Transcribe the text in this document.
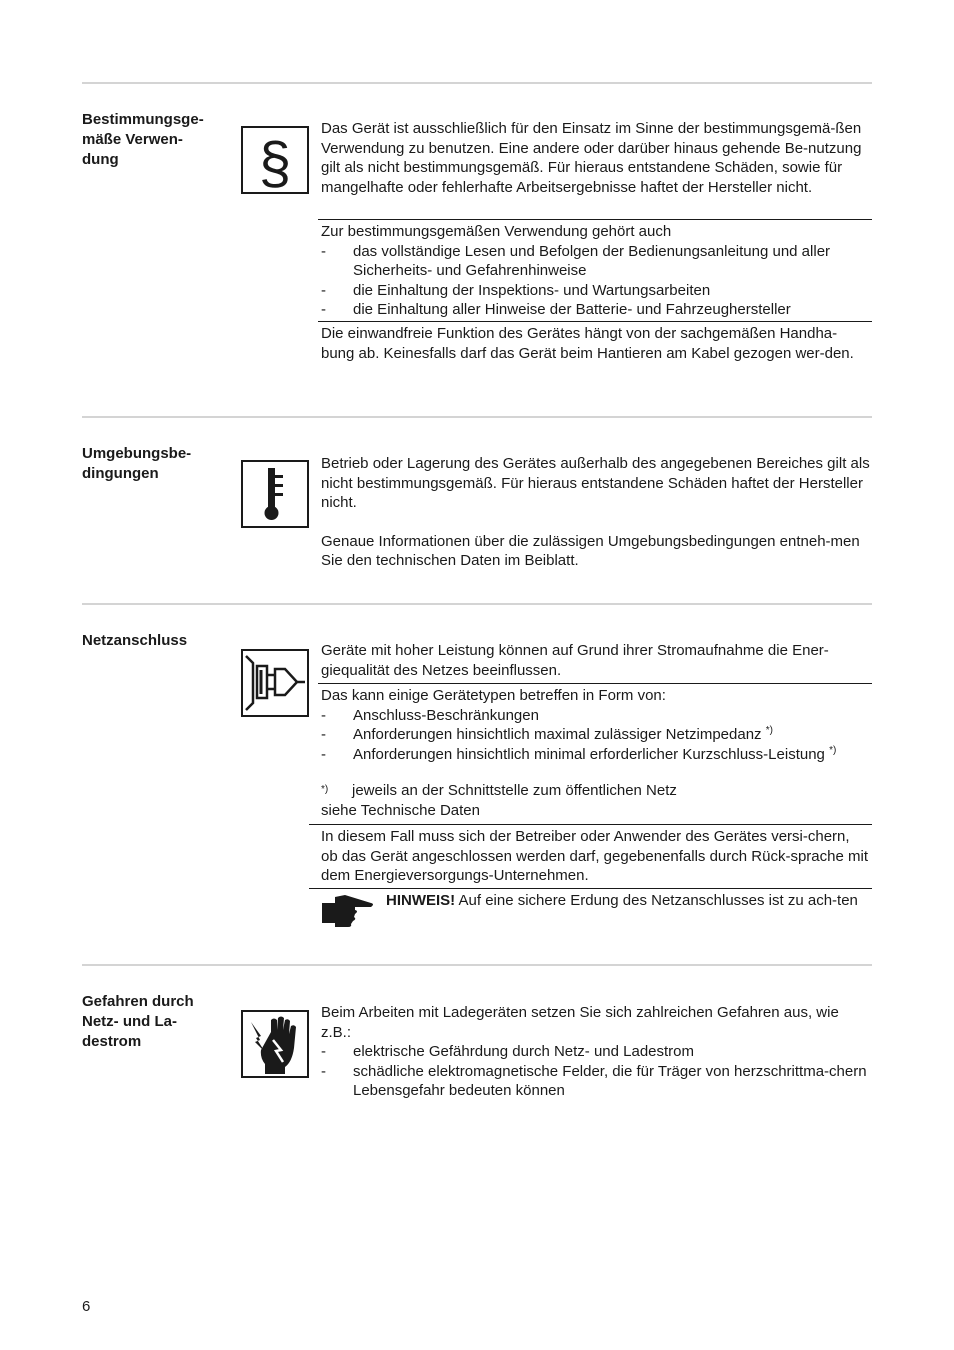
Bestimmungsge-
mäße Verwen-
dung	§

Das Gerät ist ausschließlich für den Einsatz im Sinne der bestimmungsgemä-ßen Verwendung zu benutzen. Eine andere oder darüber hinaus gehende Be-nutzung gilt als nicht bestimmungsgemäß. Für hieraus entstandene Schäden, sowie für mangelhafte oder fehlerhafte Arbeitsergebnisse haftet der Hersteller nicht.

Zur bestimmungsgemäßen Verwendung gehört auch

- das vollständige Lesen und Befolgen der Bedienungsanleitung und aller Sicherheits- und Gefahrenhinweise
- die Einhaltung der Inspektions- und Wartungsarbeiten
- die Einhaltung aller Hinweise der Batterie- und Fahrzeughersteller

Die einwandfreie Funktion des Gerätes hängt von der sachgemäßen Handha-bung ab. Keinesfalls darf das Gerät beim Hantieren am Kabel gezogen wer-den.

Umgebungsbe-
dingungen

Betrieb oder Lagerung des Gerätes außerhalb des angegebenen Bereiches gilt als nicht bestimmungsgemäß. Für hieraus entstandene Schäden haftet der Hersteller nicht.

Genaue Informationen über die zulässigen Umgebungsbedingungen entneh-men Sie den technischen Daten im Beiblatt.

Netzanschluss

Geräte mit hoher Leistung können auf Grund ihrer Stromaufnahme die Ener-giequalität des Netzes beeinflussen.

Das kann einige Gerätetypen betreffen in Form von:

- Anschluss-Beschränkungen
- Anforderungen hinsichtlich maximal zulässiger Netzimpedanz *)
- Anforderungen hinsichtlich minimal erforderlicher Kurzschluss-Leistung *)
*) jeweils an der Schnittstelle zum öffentlichen Netz

siehe Technische Daten

In diesem Fall muss sich der Betreiber oder Anwender des Gerätes versi-chern, ob das Gerät angeschlossen werden darf, gegebenenfalls durch Rück-sprache mit dem Energieversorgungs-Unternehmen.

HINWEIS! Auf eine sichere Erdung des Netzanschlusses ist zu ach-ten
Gefahren durch
Netz- und La-
destrom

Beim Arbeiten mit Ladegeräten setzen Sie sich zahlreichen Gefahren aus, wie z.B.:

- elektrische Gefährdung durch Netz- und Ladestrom
- schädliche elektromagnetische Felder, die für Träger von herzschrittma-chern Lebensgefahr bedeuten können
6
